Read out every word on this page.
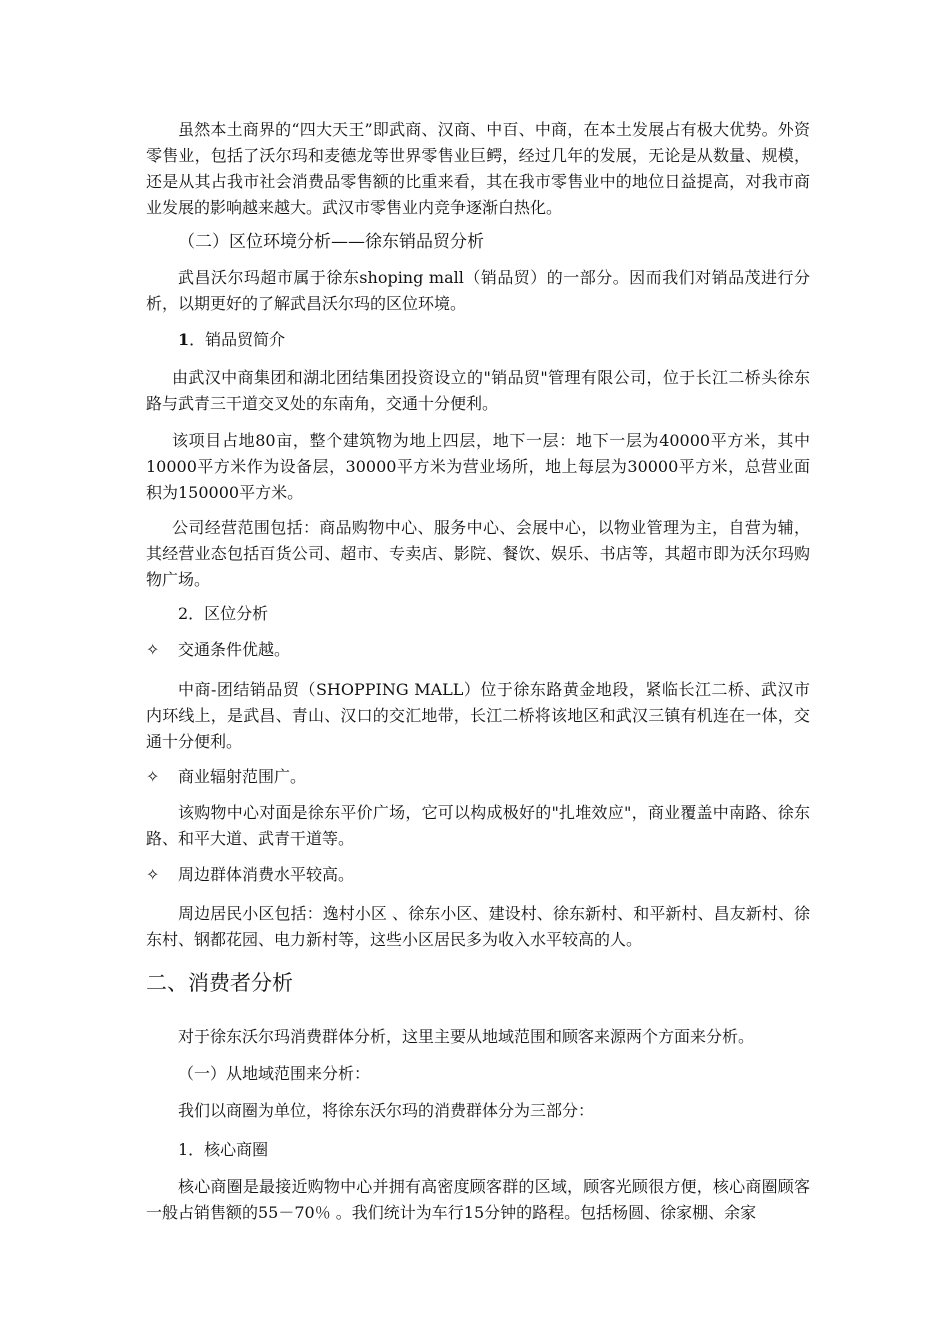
虽然本土商界的“四大天王”即武商、汉商、中百、中商，在本土发展占有极大优势。外资零售业，包括了沃尔玛和麦德龙等世界零售业巨鳄，经过几年的发展，无论是从数量、规模，还是从其占我市社会消费品零售额的比重来看，其在我市零售业中的地位日益提高，对我市商业发展的影响越来越大。武汉市零售业内竞争逐渐白热化。

（二）区位环境分析——徐东销品贸分析

武昌沃尔玛超市属于徐东shoping mall（销品贸）的一部分。因而我们对销品茂进行分析，以期更好的了解武昌沃尔玛的区位环境。

1．销品贸简介

由武汉中商集团和湖北团结集团投资设立的"销品贸"管理有限公司，位于长江二桥头徐东路与武青三干道交叉处的东南角，交通十分便利。

该项目占地80亩，整个建筑物为地上四层，地下一层：地下一层为40000平方米，其中10000平方米作为设备层，30000平方米为营业场所，地上每层为30000平方米，总营业面积为150000平方米。

公司经营范围包括：商品购物中心、服务中心、会展中心，以物业管理为主，自营为辅，其经营业态包括百货公司、超市、专卖店、影院、餐饮、娱乐、书店等，其超市即为沃尔玛购物广场。

2．区位分析

✧ 交通条件优越。

中商-团结销品贸（SHOPPING MALL）位于徐东路黄金地段，紧临长江二桥、武汉市内环线上，是武昌、青山、汉口的交汇地带，长江二桥将该地区和武汉三镇有机连在一体，交通十分便利。

✧ 商业辐射范围广。

该购物中心对面是徐东平价广场，它可以构成极好的"扎堆效应"，商业覆盖中南路、徐东路、和平大道、武青干道等。

✧ 周边群体消费水平较高。

周边居民小区包括：逸村小区 、徐东小区、建设村、徐东新村、和平新村、昌友新村、徐东村、钢都花园、电力新村等，这些小区居民多为收入水平较高的人。

二、消费者分析

对于徐东沃尔玛消费群体分析，这里主要从地域范围和顾客来源两个方面来分析。

（一）从地域范围来分析：

我们以商圈为单位，将徐东沃尔玛的消费群体分为三部分：

1．核心商圈

核心商圈是最接近购物中心并拥有高密度顾客群的区域，顾客光顾很方便，核心商圈顾客一般占销售额的55－70％ 。我们统计为车行15分钟的路程。包括杨圆、徐家棚、余家
